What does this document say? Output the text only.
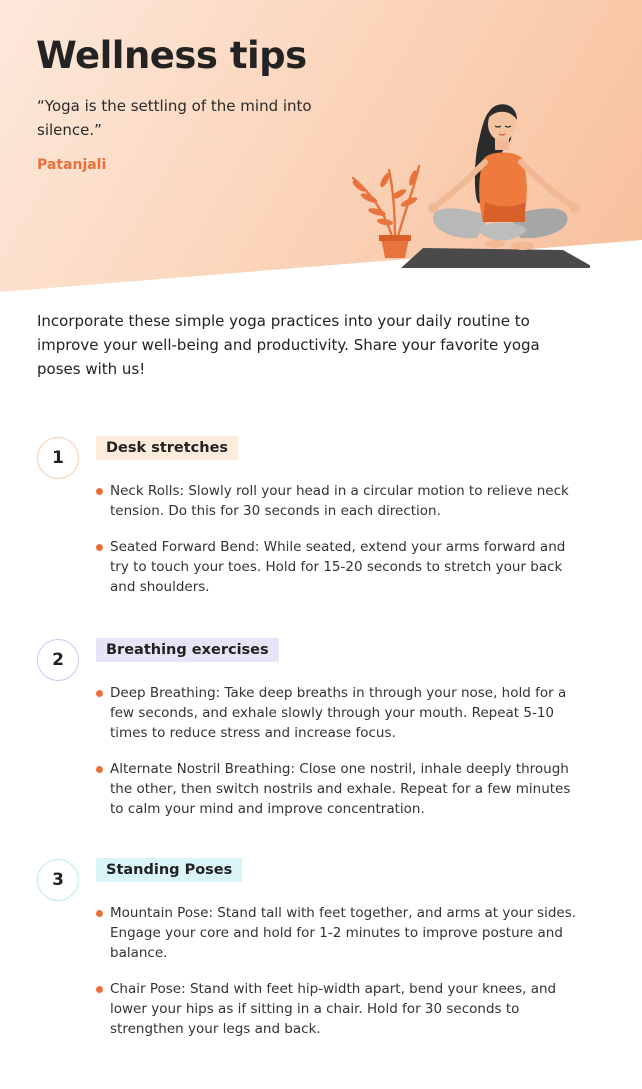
Wellness tips

“Yoga is the settling of the mind into silence.”

Patanjali

Incorporate these simple yoga practices into your daily routine to improve your well-being and productivity. Share your favorite yoga poses with us!

1	Desk stretches
Neck Rolls: Slowly roll your head in a circular motion to relieve neck tension. Do this for 30 seconds in each direction.
Seated Forward Bend: While seated, extend your arms forward and try to touch your toes. Hold for 15-20 seconds to stretch your back and shoulders.
2	Breathing exercises
Deep Breathing: Take deep breaths in through your nose, hold for a few seconds, and exhale slowly through your mouth. Repeat 5-10 times to reduce stress and increase focus.
Alternate Nostril Breathing: Close one nostril, inhale deeply through the other, then switch nostrils and exhale. Repeat for a few minutes to calm your mind and improve concentration.
3	Standing Poses
Mountain Pose: Stand tall with feet together, and arms at your sides. Engage your core and hold for 1-2 minutes to improve posture and balance.
Chair Pose: Stand with feet hip-width apart, bend your knees, and lower your hips as if sitting in a chair. Hold for 30 seconds to strengthen your legs and back.
